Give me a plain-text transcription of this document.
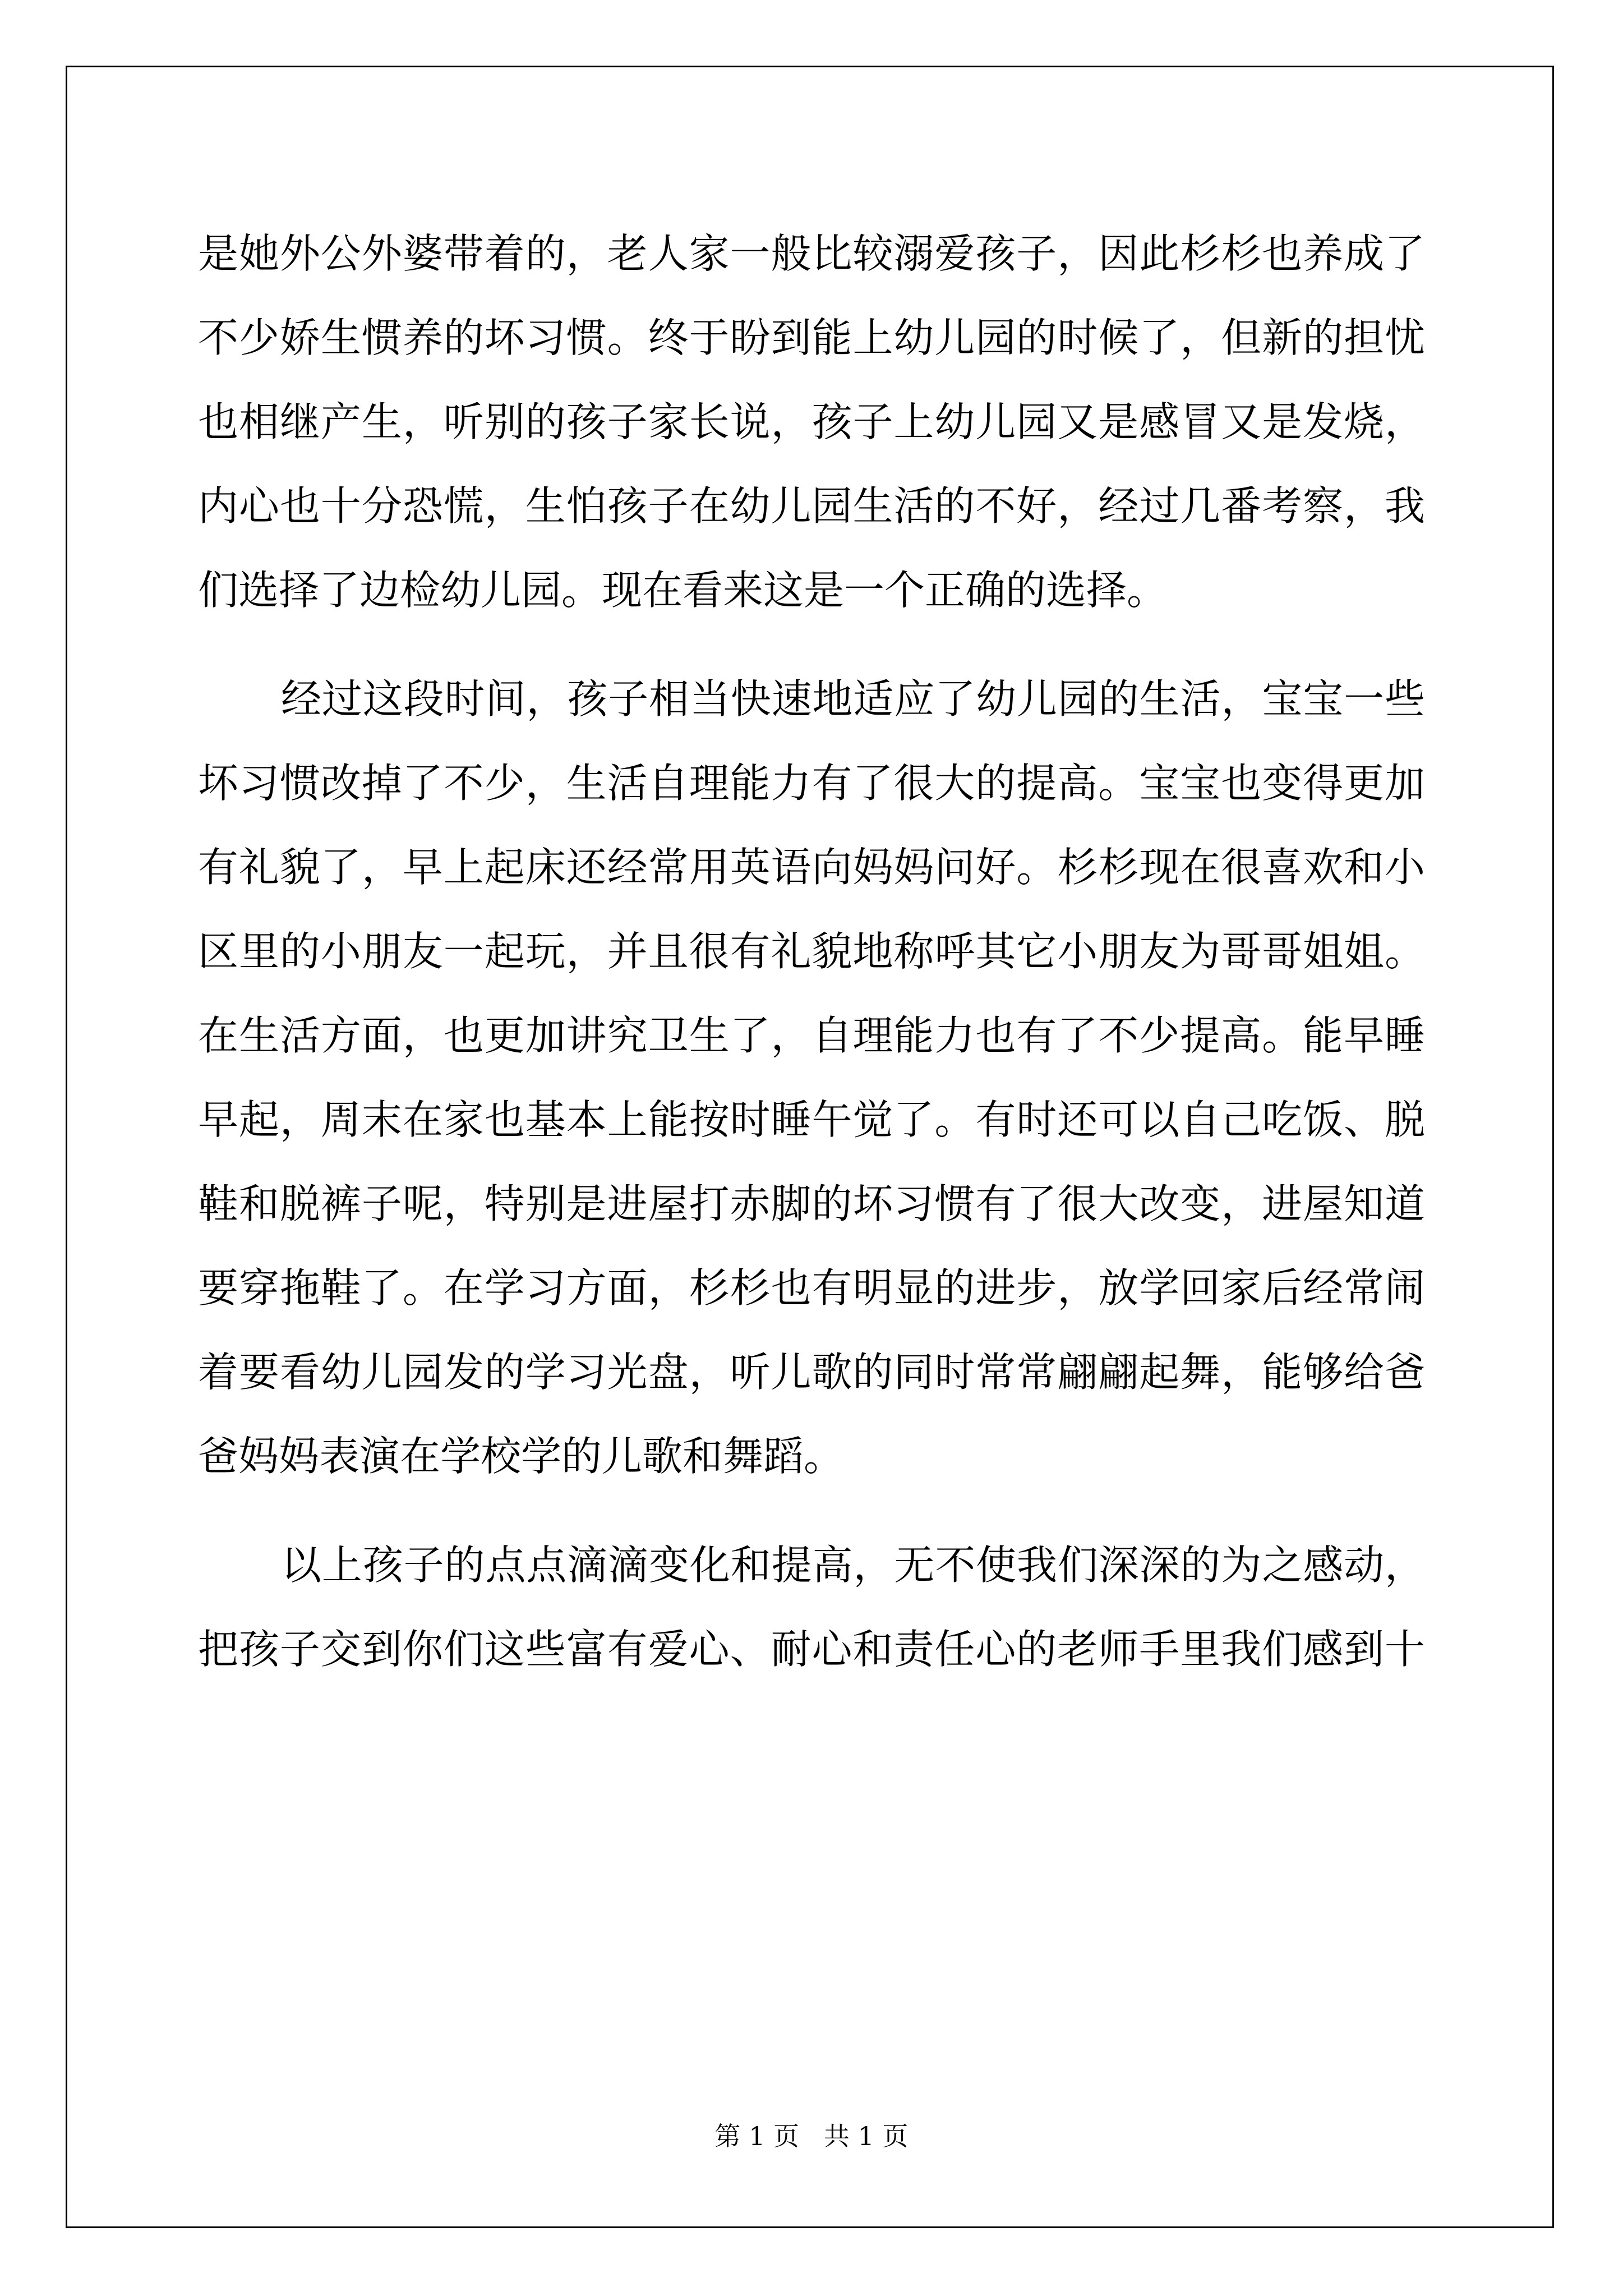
是她外公外婆带着的，老人家一般比较溺爱孩子，因此杉杉也养成了
不少娇生惯养的坏习惯。终于盼到能上幼儿园的时候了，但新的担忧
也相继产生，听别的孩子家长说，孩子上幼儿园又是感冒又是发烧，
内心也十分恐慌，生怕孩子在幼儿园生活的不好，经过几番考察，我
们选择了边检幼儿园。现在看来这是一个正确的选择。
经过这段时间，孩子相当快速地适应了幼儿园的生活，宝宝一些
坏习惯改掉了不少，生活自理能力有了很大的提高。宝宝也变得更加
有礼貌了，早上起床还经常用英语向妈妈问好。杉杉现在很喜欢和小
区里的小朋友一起玩，并且很有礼貌地称呼其它小朋友为哥哥姐姐。
在生活方面，也更加讲究卫生了，自理能力也有了不少提高。能早睡
早起，周末在家也基本上能按时睡午觉了。有时还可以自己吃饭、脱
鞋和脱裤子呢，特别是进屋打赤脚的坏习惯有了很大改变，进屋知道
要穿拖鞋了。在学习方面，杉杉也有明显的进步，放学回家后经常闹
着要看幼儿园发的学习光盘，听儿歌的同时常常翩翩起舞，能够给爸
爸妈妈表演在学校学的儿歌和舞蹈。
以上孩子的点点滴滴变化和提高，无不使我们深深的为之感动，
把孩子交到你们这些富有爱心、耐心和责任心的老师手里我们感到十
第 1 页   共 1 页
